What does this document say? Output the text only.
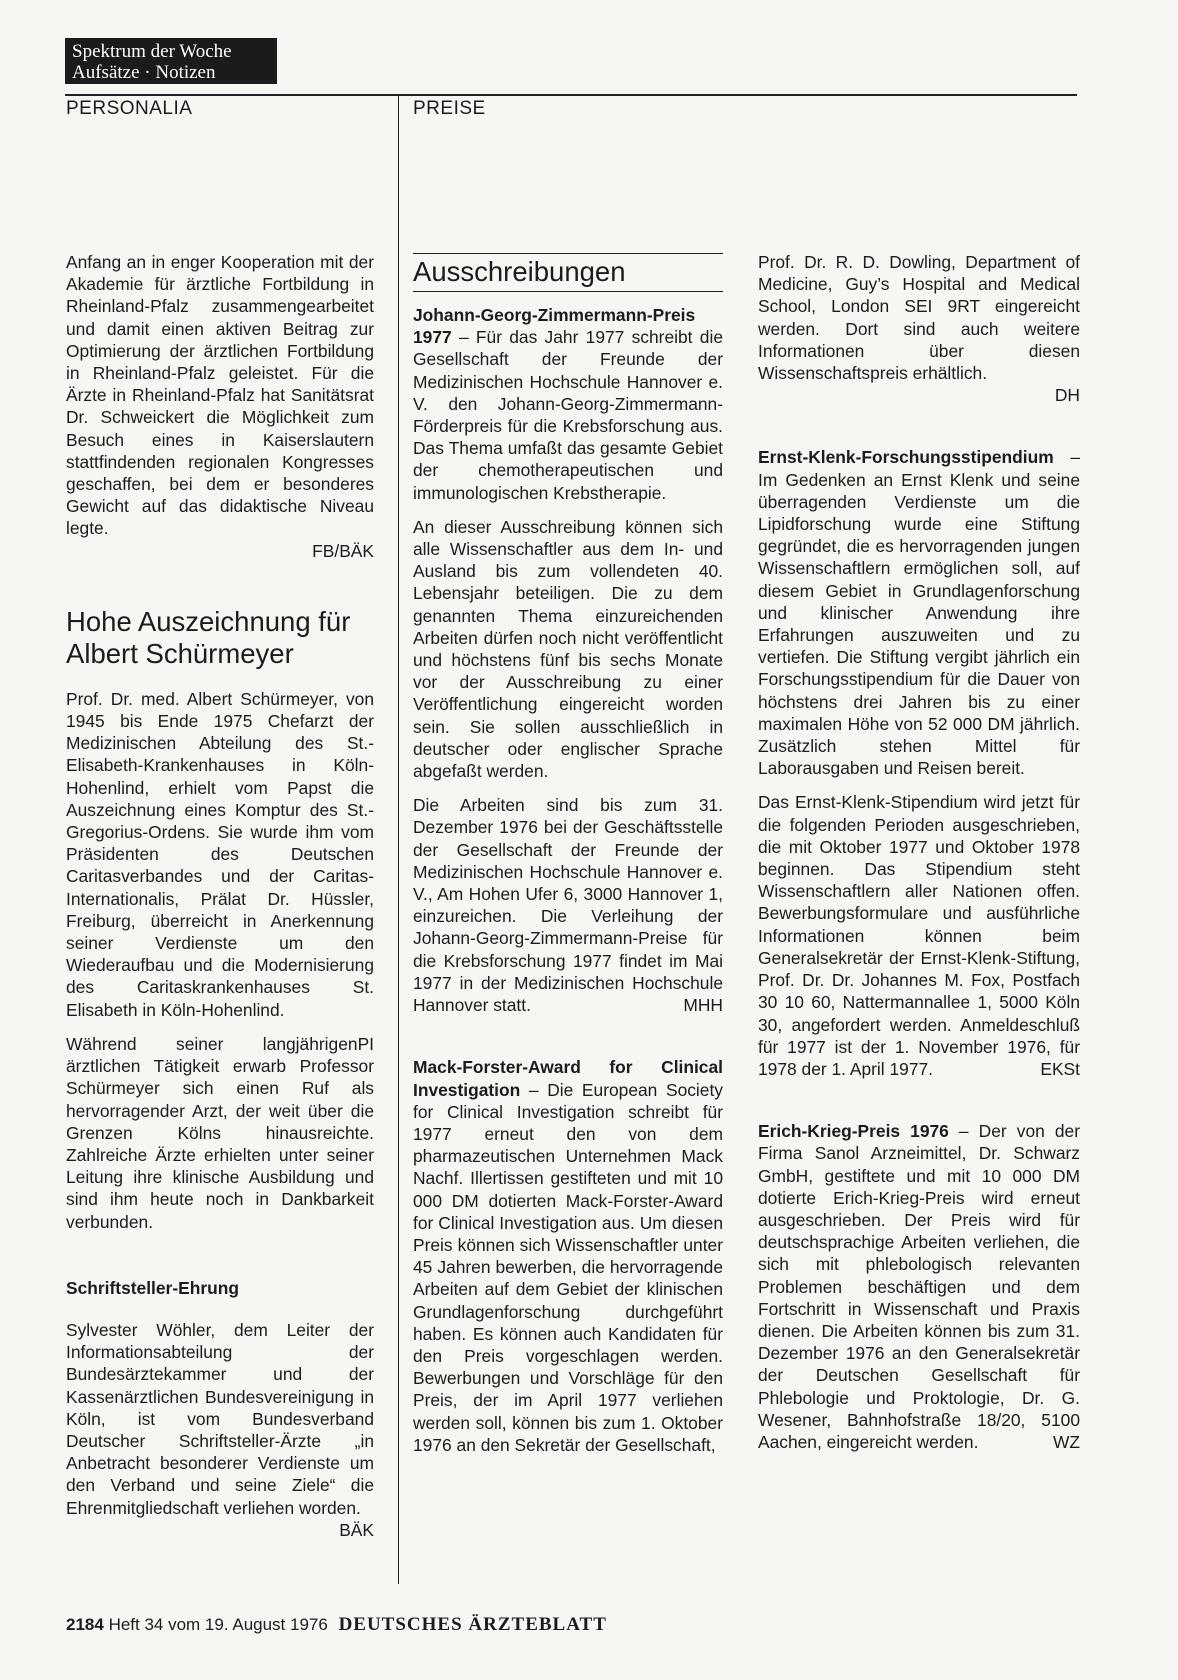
Spektrum der Woche
Aufsätze · Notizen
PERSONALIA	PREISE

Anfang an in enger Kooperation mit der Akademie für ärztliche Fortbildung in Rheinland-Pfalz zusammengearbeitet und damit einen aktiven Beitrag zur Optimierung der ärztlichen Fortbildung in Rheinland-Pfalz geleistet. Für die Ärzte in Rheinland-Pfalz hat Sanitätsrat Dr. Schweickert die Möglichkeit zum Besuch eines in Kaiserslautern stattfindenden regionalen Kongresses geschaffen, bei dem er besonderes Gewicht auf das didaktische Niveau legte.

FB/BÄK

Hohe Auszeichnung für Albert Schürmeyer

Prof. Dr. med. Albert Schürmeyer, von 1945 bis Ende 1975 Chefarzt der Medizinischen Abteilung des St.-Elisabeth-Krankenhauses in Köln-Hohenlind, erhielt vom Papst die Auszeichnung eines Komptur des St.-Gregorius-Ordens. Sie wurde ihm vom Präsidenten des Deutschen Caritasverbandes und der Caritas-Internationalis, Prälat Dr. Hüssler, Freiburg, überreicht in Anerkennung seiner Verdienste um den Wiederaufbau und die Modernisierung des Caritaskrankenhauses St. Elisabeth in Köln-Hohenlind.

PI
Während seiner langjährigen ärztlichen Tätigkeit erwarb Professor Schürmeyer sich einen Ruf als hervorragender Arzt, der weit über die Grenzen Kölns hinausreichte. Zahlreiche Ärzte erhielten unter seiner Leitung ihre klinische Ausbildung und sind ihm heute noch in Dankbarkeit verbunden.

Schriftsteller-Ehrung

Sylvester Wöhler, dem Leiter der Informationsabteilung der Bundesärztekammer und der Kassenärztlichen Bundesvereinigung in Köln, ist vom Bundesverband Deutscher Schriftsteller-Ärzte „in Anbetracht besonderer Verdienste um den Verband und seine Ziele“ die Ehrenmitgliedschaft verliehen worden.

BÄK

Ausschreibungen

Johann-Georg-Zimmermann-Preis 1977 – Für das Jahr 1977 schreibt die Gesellschaft der Freunde der Medizinischen Hochschule Hannover e. V. den Johann-Georg-Zimmermann-Förderpreis für die Krebsforschung aus. Das Thema umfaßt das gesamte Gebiet der chemotherapeutischen und immunologischen Krebstherapie.

An dieser Ausschreibung können sich alle Wissenschaftler aus dem In- und Ausland bis zum vollendeten 40. Lebensjahr beteiligen. Die zu dem genannten Thema einzureichenden Arbeiten dürfen noch nicht veröffentlicht und höchstens fünf bis sechs Monate vor der Ausschreibung zu einer Veröffentlichung eingereicht worden sein. Sie sollen ausschließlich in deutscher oder englischer Sprache abgefaßt werden.

Die Arbeiten sind bis zum 31. Dezember 1976 bei der Geschäftsstelle der Gesellschaft der Freunde der Medizinischen Hochschule Hannover e. V., Am Hohen Ufer 6, 3000 Hannover 1, einzureichen. Die Verleihung der Johann-Georg-Zimmermann-Preise für die Krebsforschung 1977 findet im Mai 1977 in der Medizinischen Hochschule Hannover statt.	MHH

Mack-Forster-Award for Clinical Investigation – Die European Society for Clinical Investigation schreibt für 1977 erneut den von dem pharmazeutischen Unternehmen Mack Nachf. Illertissen gestifteten und mit 10 000 DM dotierten Mack-Forster-Award for Clinical Investigation aus. Um diesen Preis können sich Wissenschaftler unter 45 Jahren bewerben, die hervorragende Arbeiten auf dem Gebiet der klinischen Grundlagenforschung durchgeführt haben. Es können auch Kandidaten für den Preis vorgeschlagen werden. Bewerbungen und Vorschläge für den Preis, der im April 1977 verliehen werden soll, können bis zum 1. Oktober 1976 an den Sekretär der Gesellschaft,

Prof. Dr. R. D. Dowling, Department of Medicine, Guy’s Hospital and Medical School, London SEI 9RT eingereicht werden. Dort sind auch weitere Informationen über diesen Wissenschaftspreis erhältlich.

DH

Ernst-Klenk-Forschungsstipendium – Im Gedenken an Ernst Klenk und seine überragenden Verdienste um die Lipidforschung wurde eine Stiftung gegründet, die es hervorragenden jungen Wissenschaftlern ermöglichen soll, auf diesem Gebiet in Grundlagenforschung und klinischer Anwendung ihre Erfahrungen auszuweiten und zu vertiefen. Die Stiftung vergibt jährlich ein Forschungsstipendium für die Dauer von höchstens drei Jahren bis zu einer maximalen Höhe von 52 000 DM jährlich. Zusätzlich stehen Mittel für Laborausgaben und Reisen bereit.

Das Ernst-Klenk-Stipendium wird jetzt für die folgenden Perioden ausgeschrieben, die mit Oktober 1977 und Oktober 1978 beginnen. Das Stipendium steht Wissenschaftlern aller Nationen offen. Bewerbungsformulare und ausführliche Informationen können beim Generalsekretär der Ernst-Klenk-Stiftung, Prof. Dr. Dr. Johannes M. Fox, Postfach 30 10 60, Nattermannallee 1, 5000 Köln 30, angefordert werden. Anmeldeschluß für 1977 ist der 1. November 1976, für 1978 der 1. April 1977.	EKSt

Erich-Krieg-Preis 1976 – Der von der Firma Sanol Arzneimittel, Dr. Schwarz GmbH, gestiftete und mit 10 000 DM dotierte Erich-Krieg-Preis wird erneut ausgeschrieben. Der Preis wird für deutschsprachige Arbeiten verliehen, die sich mit phlebologisch relevanten Problemen beschäftigen und dem Fortschritt in Wissenschaft und Praxis dienen. Die Arbeiten können bis zum 31. Dezember 1976 an den Generalsekretär der Deutschen Gesellschaft für Phlebologie und Proktologie, Dr. G. Wesener, Bahnhofstraße 18/20, 5100 Aachen, eingereicht werden.	WZ

2184 Heft 34 vom 19. August 1976 DEUTSCHES ÄRZTEBLATT
